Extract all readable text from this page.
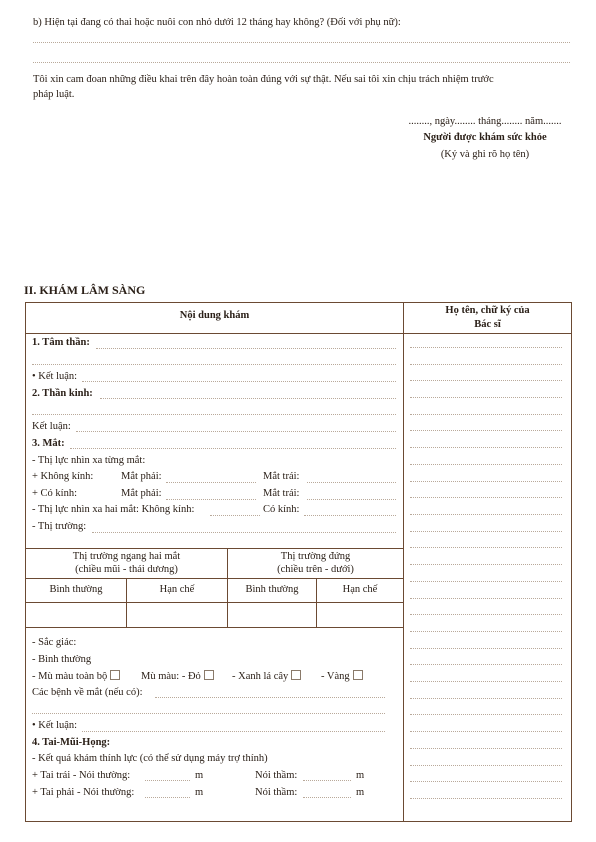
b) Hiện tại đang có thai hoặc nuôi con nhỏ dưới 12 tháng hay không? (Đối với phụ nữ):
Tôi xin cam đoan những điều khai trên đây hoàn toàn đúng với sự thật. Nếu sai tôi xin chịu trách nhiệm trước
pháp luật.
........, ngày........ tháng........ năm.......
Người được khám sức khỏe
(Ký và ghi rõ họ tên)
II. KHÁM LÂM SÀNG
Nội dung khám	Họ tên, chữ ký của
Bác sĩ
1. Tâm thần:
• Kết luận:
2. Thần kinh:
Kết luận:
3. Mắt:
- Thị lực nhìn xa từng mắt:
+ Không kính:	Mắt phải:	Mắt trái:
+ Có kính:	Mắt phải:	Mắt trái:
- Thị lực nhìn xa hai mắt: Không kính:	Có kính:
- Thị trường:
Thị trường ngang hai mắt
(chiều mũi - thái dương)
Thị trường đứng
(chiều trên - dưới)
Bình thường	Hạn chế	Bình thường	Hạn chế
- Sắc giác:
- Bình thường
- Mù màu toàn bộ	Mù màu: - Đỏ	- Xanh lá cây	- Vàng
Các bệnh về mắt (nếu có):
• Kết luận:
4. Tai-Mũi-Họng:
- Kết quả khám thính lực (có thể sử dụng máy trợ thính)
+ Tai trái - Nói thường:	m	Nói thầm:	m
+ Tai phải - Nói thường:	m	Nói thầm:	m
